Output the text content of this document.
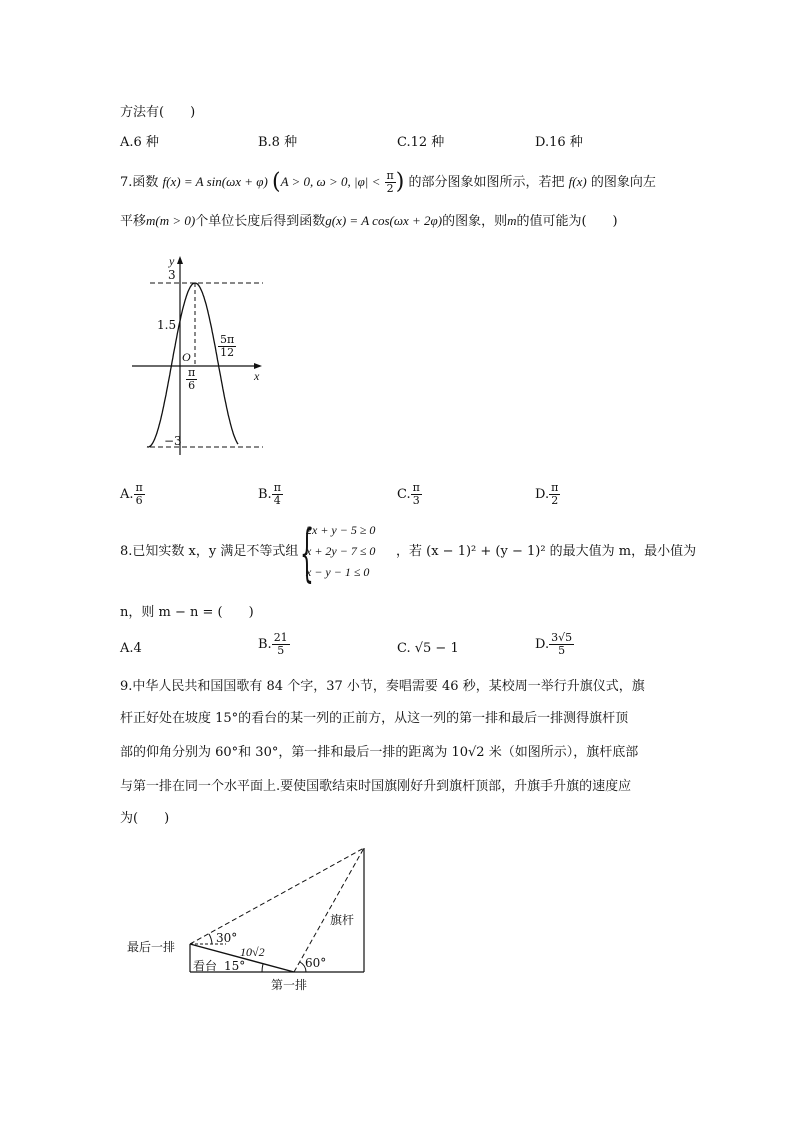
方法有(　　)
A.6 种	B.8 种	C.12 种	D.16 种
7.函数 f(x) = A sin(ωx + φ) (A > 0, ω > 0, $|\varphi| < \frac{\pi}{2}$ ) 的部分图象如图所示，若把 f(x) 的图象向左
平移m(m > 0)个单位长度后得到函数g(x) = A cos(ωx + 2φ)的图象，则m的值可能为(　　)
y
x
3
1.5
O
−3
$\frac{\pi}{6}$
$\frac{5\pi}{12}$
A. $\frac{\pi}{6}$	B. $\frac{\pi}{4}$	C. $\frac{\pi}{3}$	D. $\frac{\pi}{2}$
8.已知实数 x，y 满足不等式组 {
2x + y − 5 ≥ 0
x + 2y − 7 ≤ 0
x − y − 1 ≤ 0
，若 (x − 1)² + (y − 1)² 的最大值为 m，最小值为
n，则 m − n = (　　)
A.4	B. $\frac{21}{5}$	C. √5 − 1	D. $\frac{3√5}{5}$
9.中华人民共和国国歌有 84 个字，37 小节，奏唱需要 46 秒，某校周一举行升旗仪式，旗
杆正好处在坡度 15°的看台的某一列的正前方，从这一列的第一排和最后一排测得旗杆顶
部的仰角分别为 60°和 30°，第一排和最后一排的距离为 10√2 米（如图所示），旗杆底部
与第一排在同一个水平面上.要使国歌结束时国旗刚好升到旗杆顶部，升旗手升旗的速度应
为(　　)
最后一排
30°
10√2
看台 15°	60°
旗杆
第一排
